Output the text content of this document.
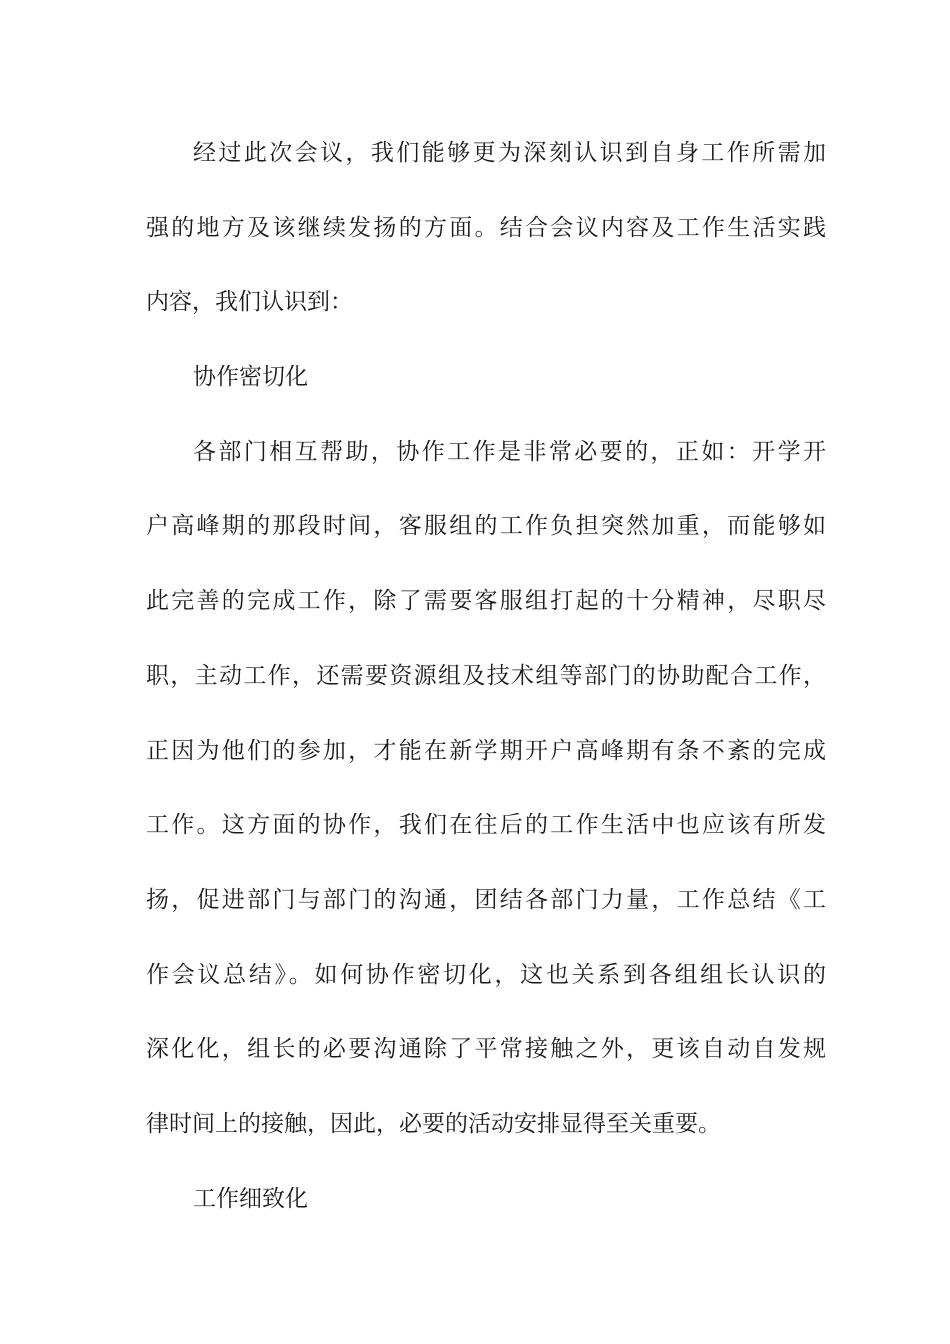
经过此次会议，我们能够更为深刻认识到自身工作所需加

强的地方及该继续发扬的方面。结合会议内容及工作生活实践

内容，我们认识到：

协作密切化

各部门相互帮助，协作工作是非常必要的，正如：开学开

户高峰期的那段时间，客服组的工作负担突然加重，而能够如

此完善的完成工作，除了需要客服组打起的十分精神，尽职尽

职，主动工作，还需要资源组及技术组等部门的协助配合工作，

正因为他们的参加，才能在新学期开户高峰期有条不紊的完成

工作。这方面的协作，我们在往后的工作生活中也应该有所发

扬，促进部门与部门的沟通，团结各部门力量，工作总结《工

作会议总结》。如何协作密切化，这也关系到各组组长认识的

深化化，组长的必要沟通除了平常接触之外，更该自动自发规

律时间上的接触，因此，必要的活动安排显得至关重要。

工作细致化
